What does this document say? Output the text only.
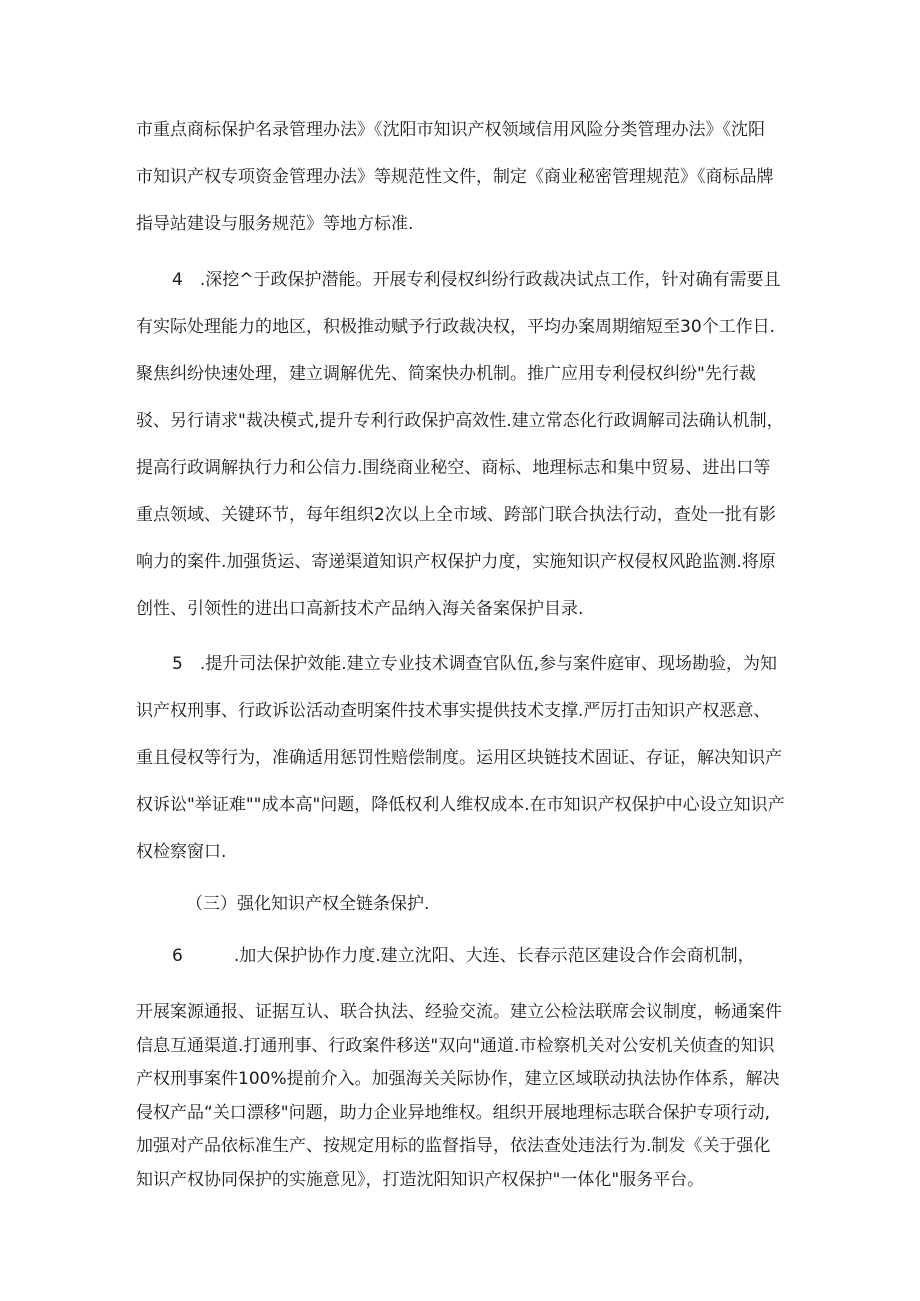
市重点商标保护名录管理办法》《沈阳市知识产权领域信用风险分类管理办法》《沈阳
市知识产权专项资金管理办法》等规范性文件，制定《商业秘密管理规范》《商标品牌
指导站建设与服务规范》等地方标准.
4　.深挖^于政保护潜能。开展专利侵权纠纷行政裁决试点工作，针对确有需要且
有实际处理能力的地区，积极推动赋予行政裁决权，平均办案周期缩短至30个工作日.
聚焦纠纷快速处理，建立调解优先、简案快办机制。推广应用专利侵权纠纷"先行裁
驳、另行请求"裁决模式,提升专利行政保护高效性.建立常态化行政调解司法确认机制，
提高行政调解执行力和公信力.围绕商业秘空、商标、地理标志和集中贸易、进出口等
重点领域、关键环节，每年组织2次以上全市域、跨部门联合执法行动，查处一批有影
响力的案件.加强货运、寄递渠道知识产权保护力度，实施知识产权侵权风跄监测.将原
创性、引领性的进出口高新技术产品纳入海关备案保护目录.
5　.提升司法保护效能.建立专业技术调查官队伍,参与案件庭审、现场勘验，为知
识产权刑事、行政诉讼活动查明案件技术事实提供技术支撑.严厉打击知识产权恶意、
重且侵权等行为，准确适用惩罚性赔偿制度。运用区块链技术固证、存证，解决知识产
权诉讼"举证难""成本高"问题，降低权利人维权成本.在市知识产权保护中心设立知识产
权检察窗口.
（三）强化知识产权全链条保护.
6　　　.加大保护协作力度.建立沈阳、大连、长春示范区建设合作会商机制，
开展案源通报、证据互认、联合执法、经验交流。建立公检法联席会议制度，畅通案件
信息互通渠道.打通刑事、行政案件移送"双向"通道.市检察机关对公安机关侦查的知识
产权刑事案件100%提前介入。加强海关关际协作，建立区域联动执法协作体系，解决
侵权产品“关口漂移"问题，助力企业异地维权。组织开展地理标志联合保护专项行动,
加强对产品依标准生产、按规定用标的监督指导，依法查处违法行为.制发《关于强化
知识产权协同保护的实施意见》，打造沈阳知识产权保护"一体化"服务平台。
